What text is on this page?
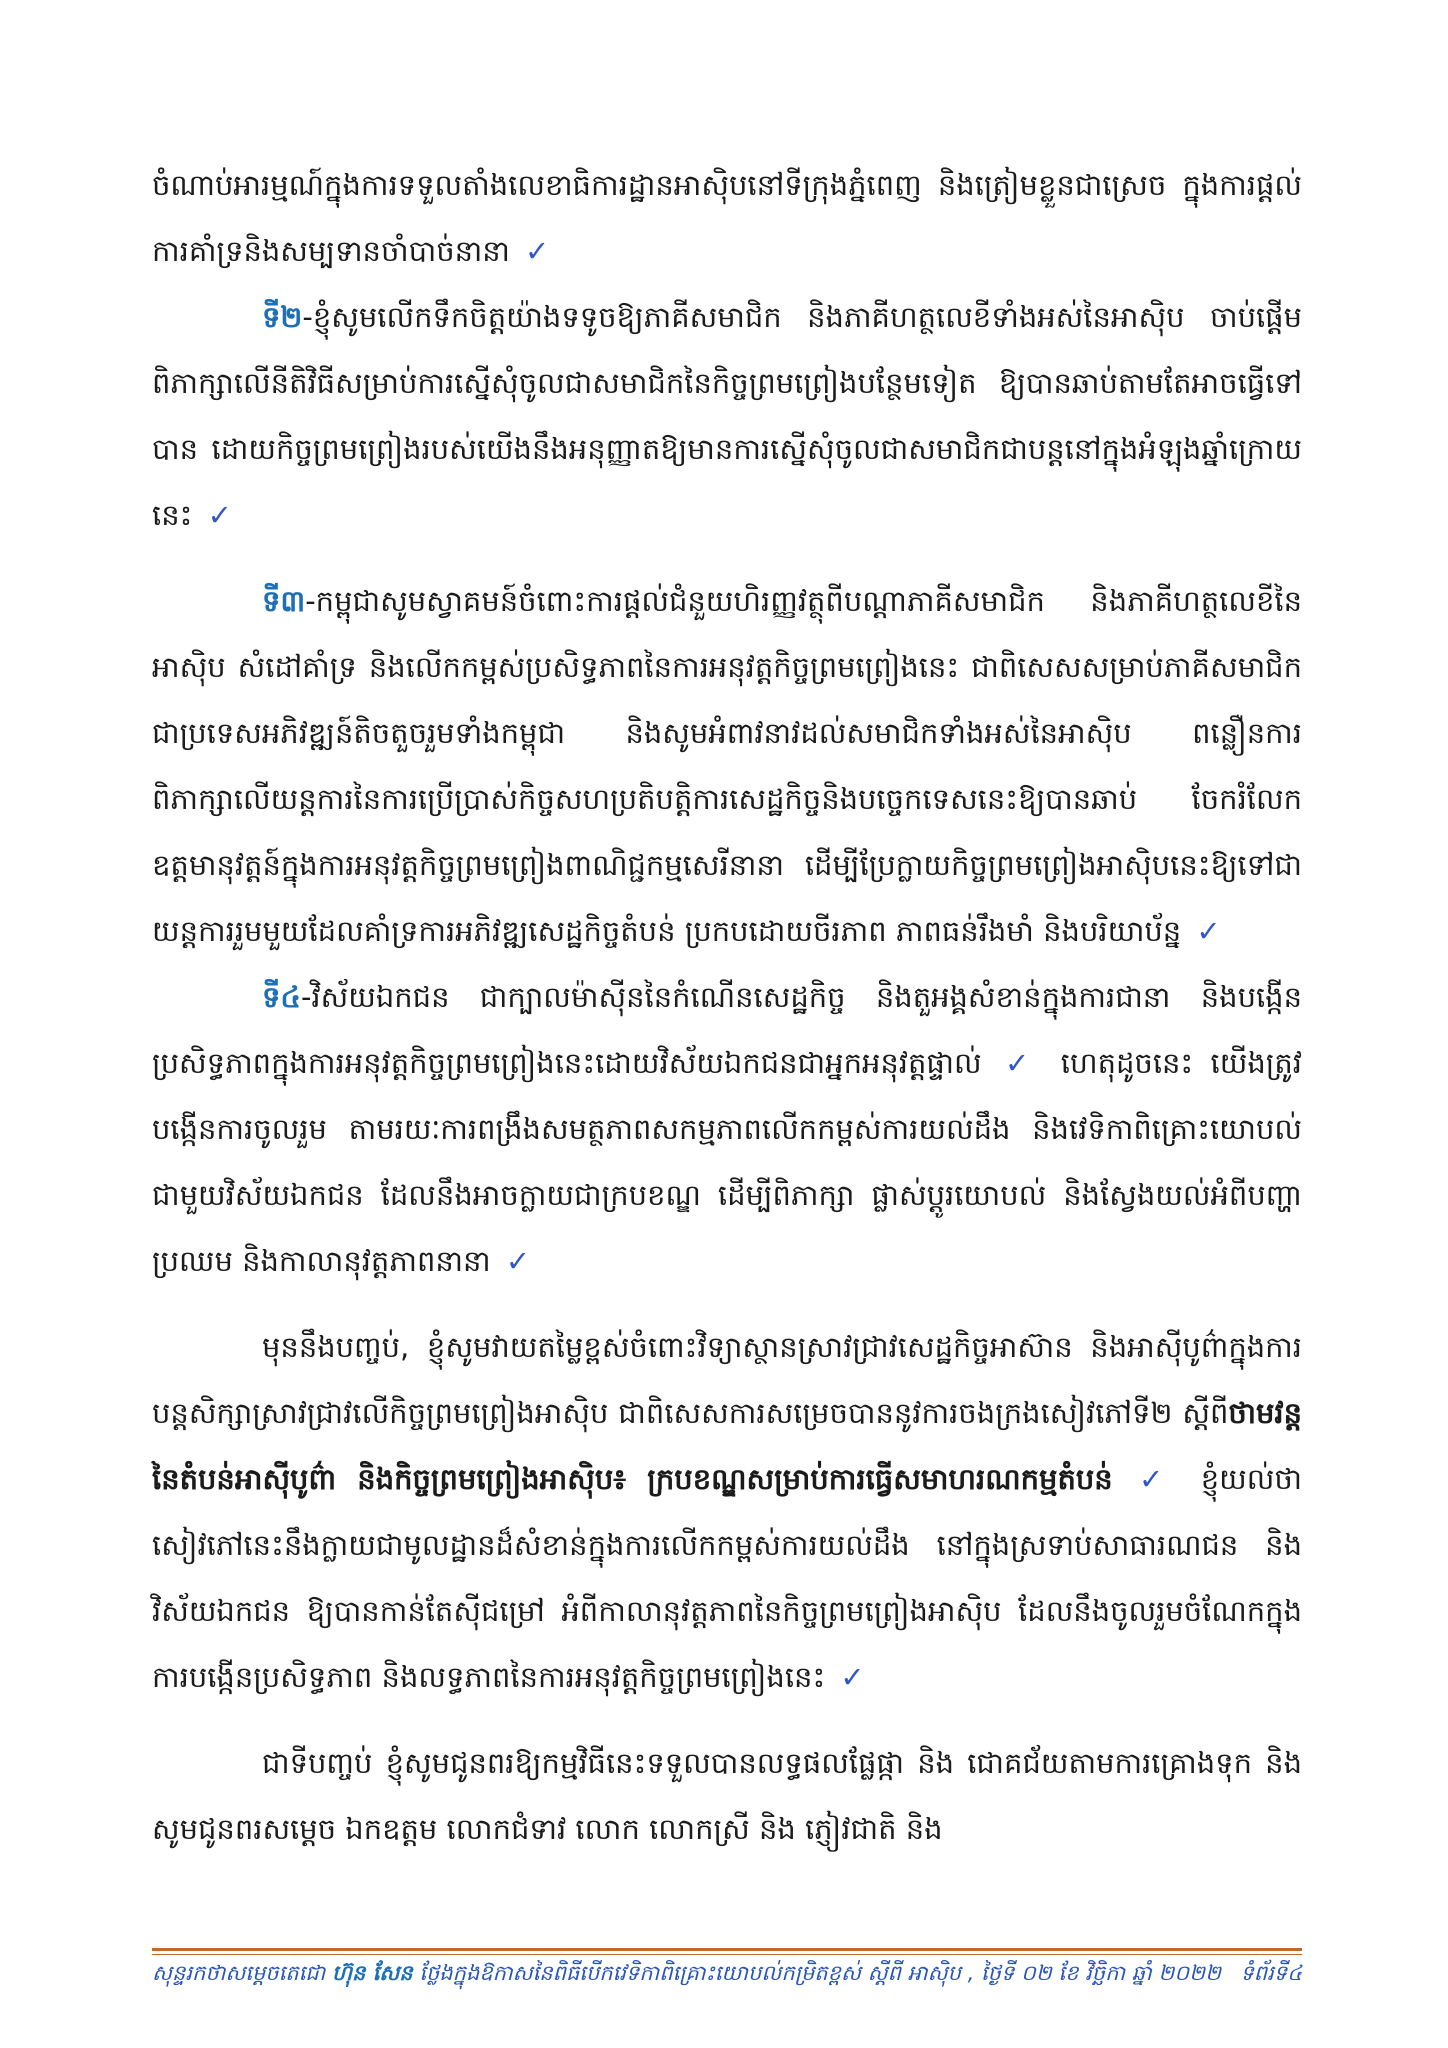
ចំណាប់អារម្មណ៍ក្នុងការទទួលតាំងលេខាធិការដ្ឋានអាស៊ិបនៅទីក្រុងភ្នំពេញ និងត្រៀមខ្លួនជាស្រេច ក្នុងការផ្តល់ការគាំទ្រនិងសម្បទានចាំបាច់នានា ✓

ទី២-ខ្ញុំសូមលើកទឹកចិត្តយ៉ាងទទូចឱ្យភាគីសមាជិក និងភាគីហត្ថលេខីទាំងអស់នៃអាស៊ិប ចាប់ផ្តើមពិភាក្សាលើនីតិវិធីសម្រាប់ការស្នើសុំចូលជាសមាជិកនៃកិច្ចព្រមព្រៀងបន្ថែមទៀត ឱ្យបានឆាប់តាមតែអាចធ្វើទៅបាន ដោយកិច្ចព្រមព្រៀងរបស់យើងនឹងអនុញ្ញាតឱ្យមានការស្នើសុំចូលជាសមាជិកជាបន្តនៅក្នុងអំឡុងឆ្នាំក្រោយនេះ ✓

ទី៣-កម្ពុជាសូមស្វាគមន៍ចំពោះការផ្តល់ជំនួយហិរញ្ញវត្ថុពីបណ្តាភាគីសមាជិក និងភាគីហត្ថលេខីនៃអាស៊ិប សំដៅគាំទ្រ និងលើកកម្ពស់ប្រសិទ្ធភាពនៃការអនុវត្តកិច្ចព្រមព្រៀងនេះ ជាពិសេសសម្រាប់ភាគីសមាជិកជាប្រទេសអភិវឌ្ឍន៍តិចតួចរួមទាំងកម្ពុជា និងសូមអំពាវនាវដល់សមាជិកទាំងអស់នៃអាស៊ិប ពន្លឿនការពិភាក្សាលើយន្តការនៃការប្រើប្រាស់កិច្ចសហប្រតិបត្តិការសេដ្ឋកិច្ចនិងបច្ចេកទេសនេះឱ្យបានឆាប់ ចែករំលែកឧត្តមានុវត្តន៍ក្នុងការអនុវត្តកិច្ចព្រមព្រៀងពាណិជ្ជកម្មសេរីនានា ដើម្បីប្រែក្លាយកិច្ចព្រមព្រៀងអាស៊ិបនេះឱ្យទៅជាយន្តការរួមមួយដែលគាំទ្រការអភិវឌ្ឍសេដ្ឋកិច្ចតំបន់ ប្រកបដោយចីរភាព ភាពធន់រឹងមាំ និងបរិយាប័ន្ន ✓

ទី៤-វិស័យឯកជន ជាក្បាលម៉ាស៊ីននៃកំណើនសេដ្ឋកិច្ច និងតួអង្គសំខាន់ក្នុងការជានា និងបង្កើនប្រសិទ្ធភាពក្នុងការអនុវត្តកិច្ចព្រមព្រៀងនេះដោយវិស័យឯកជនជាអ្នកអនុវត្តផ្ទាល់ ✓ ហេតុដូចនេះ យើងត្រូវបង្កើនការចូលរួម តាមរយៈការពង្រឹងសមត្ថភាពសកម្មភាពលើកកម្ពស់ការយល់ដឹង និងវេទិកាពិគ្រោះយោបល់ជាមួយវិស័យឯកជន ដែលនឹងអាចក្លាយជាក្របខណ្ឌ ដើម្បីពិភាក្សា ផ្លាស់ប្តូរយោបល់ និងស្វែងយល់អំពីបញ្ហាប្រឈម និងកាលានុវត្តភាពនានា ✓

មុននឹងបញ្ចប់, ខ្ញុំសូមវាយតម្លៃខ្ពស់ចំពោះវិទ្យាស្ថានស្រាវជ្រាវសេដ្ឋកិច្ចអាស៊ាន និងអាស៊ីបូព៌ាក្នុងការបន្តសិក្សាស្រាវជ្រាវលើកិច្ចព្រមព្រៀងអាស៊ិប ជាពិសេសការសម្រេចបាននូវការចងក្រងសៀវភៅទី២ ស្តីពីថាមវន្តនៃតំបន់អាស៊ីបូព៌ា និងកិច្ចព្រមព្រៀងអាស៊ិប៖ ក្របខណ្ឌសម្រាប់ការធ្វើសមាហរណកម្មតំបន់ ✓ ខ្ញុំយល់ថា សៀវភៅនេះនឹងក្លាយជាមូលដ្ឋានដ៏សំខាន់ក្នុងការលើកកម្ពស់ការយល់ដឹង នៅក្នុងស្រទាប់សាធារណជន និង វិស័យឯកជន ឱ្យបានកាន់តែស៊ីជម្រៅ អំពីកាលានុវត្តភាពនៃកិច្ចព្រមព្រៀងអាស៊ិប ដែលនឹងចូលរួមចំណែកក្នុងការបង្កើនប្រសិទ្ធភាព និងលទ្ធភាពនៃការអនុវត្តកិច្ចព្រមព្រៀងនេះ ✓

ជាទីបញ្ចប់ ខ្ញុំសូមជូនពរឱ្យកម្មវិធីនេះទទួលបានលទ្ធផលផ្លែផ្កា និង ជោគជ័យតាមការគ្រោងទុក និងសូមជូនពរសម្តេច ឯកឧត្តម លោកជំទាវ លោក លោកស្រី និង ភ្ញៀវជាតិ និង

សុន្ទរកថាសម្តេចតេជោ ហ៊ុន សែន ថ្លែងក្នុងឱកាសនៃពិធីបើកវេទិកាពិគ្រោះយោបល់កម្រិតខ្ពស់ ស្តីពី អាស៊ិប , ថ្ងៃទី ០២ ខែ វិច្ឆិកា ឆ្នាំ ២០២២ ទំព័រទី៤
